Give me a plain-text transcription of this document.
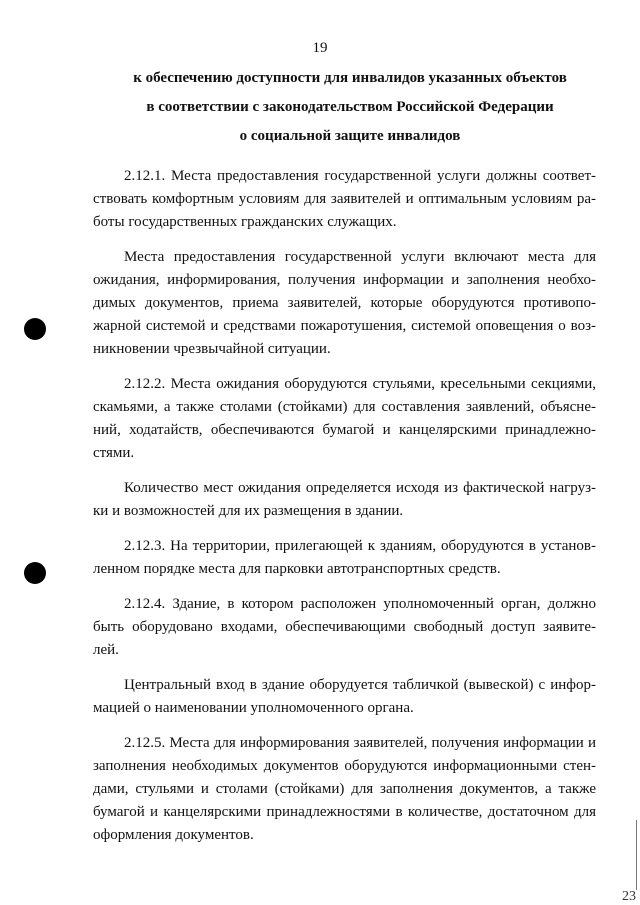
19
к обеспечению доступности для инвалидов указанных объектов
в соответствии с законодательством Российской Федерации
о социальной защите инвалидов

2.12.1. Места предоставления государственной услуги должны соответ-
ствовать комфортным условиям для заявителей и оптимальным условиям ра-
боты государственных гражданских служащих.

Места предоставления государственной услуги включают места для
ожидания, информирования, получения информации и заполнения необхо-
димых документов, приема заявителей, которые оборудуются противопо-
жарной системой и средствами пожаротушения, системой оповещения о воз-
никновении чрезвычайной ситуации.

2.12.2. Места ожидания оборудуются стульями, кресельными секциями,
скамьями, а также столами (стойками) для составления заявлений, объясне-
ний, ходатайств, обеспечиваются бумагой и канцелярскими принадлежно-
стями.

Количество мест ожидания определяется исходя из фактической нагруз-
ки и возможностей для их размещения в здании.

2.12.3. На территории, прилегающей к зданиям, оборудуются в установ-
ленном порядке места для парковки автотранспортных средств.

2.12.4. Здание, в котором расположен уполномоченный орган, должно
быть оборудовано входами, обеспечивающими свободный доступ заявите-
лей.

Центральный вход в здание оборудуется табличкой (вывеской) с инфор-
мацией о наименовании уполномоченного органа.

2.12.5. Места для информирования заявителей, получения информации и
заполнения необходимых документов оборудуются информационными стен-
дами, стульями и столами (стойками) для заполнения документов, а также
бумагой и канцелярскими принадлежностями в количестве, достаточном для
оформления документов.

23
